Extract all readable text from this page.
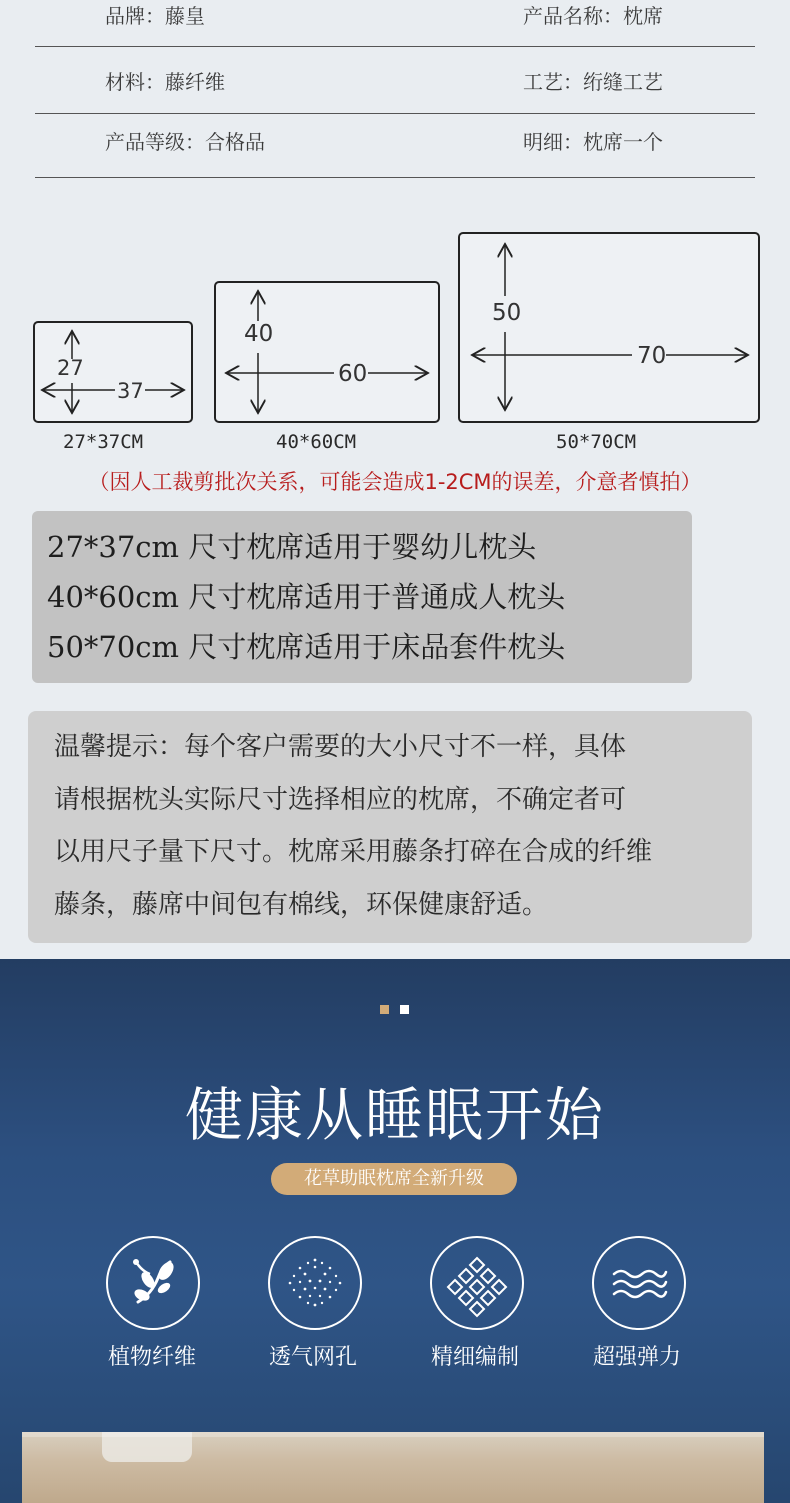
品牌：藤皇	产品名称：枕席
材料：藤纤维	工艺：绗缝工艺
产品等级：合格品	明细：枕席一个
27
37
27*37CM
40
60
40*60CM
50
70
50*70CM
（因人工裁剪批次关系，可能会造成1-2CM的误差，介意者慎拍）
27*37cm 尺寸枕席适用于婴幼儿枕头
40*60cm 尺寸枕席适用于普通成人枕头
50*70cm 尺寸枕席适用于床品套件枕头
温馨提示：每个客户需要的大小尺寸不一样，具体
请根据枕头实际尺寸选择相应的枕席，不确定者可
以用尺子量下尺寸。枕席采用藤条打碎在合成的纤维
藤条，藤席中间包有棉线，环保健康舒适。
健康从睡眠开始
花草助眠枕席全新升级
植物纤维	透气网孔	精细编制	超强弹力
